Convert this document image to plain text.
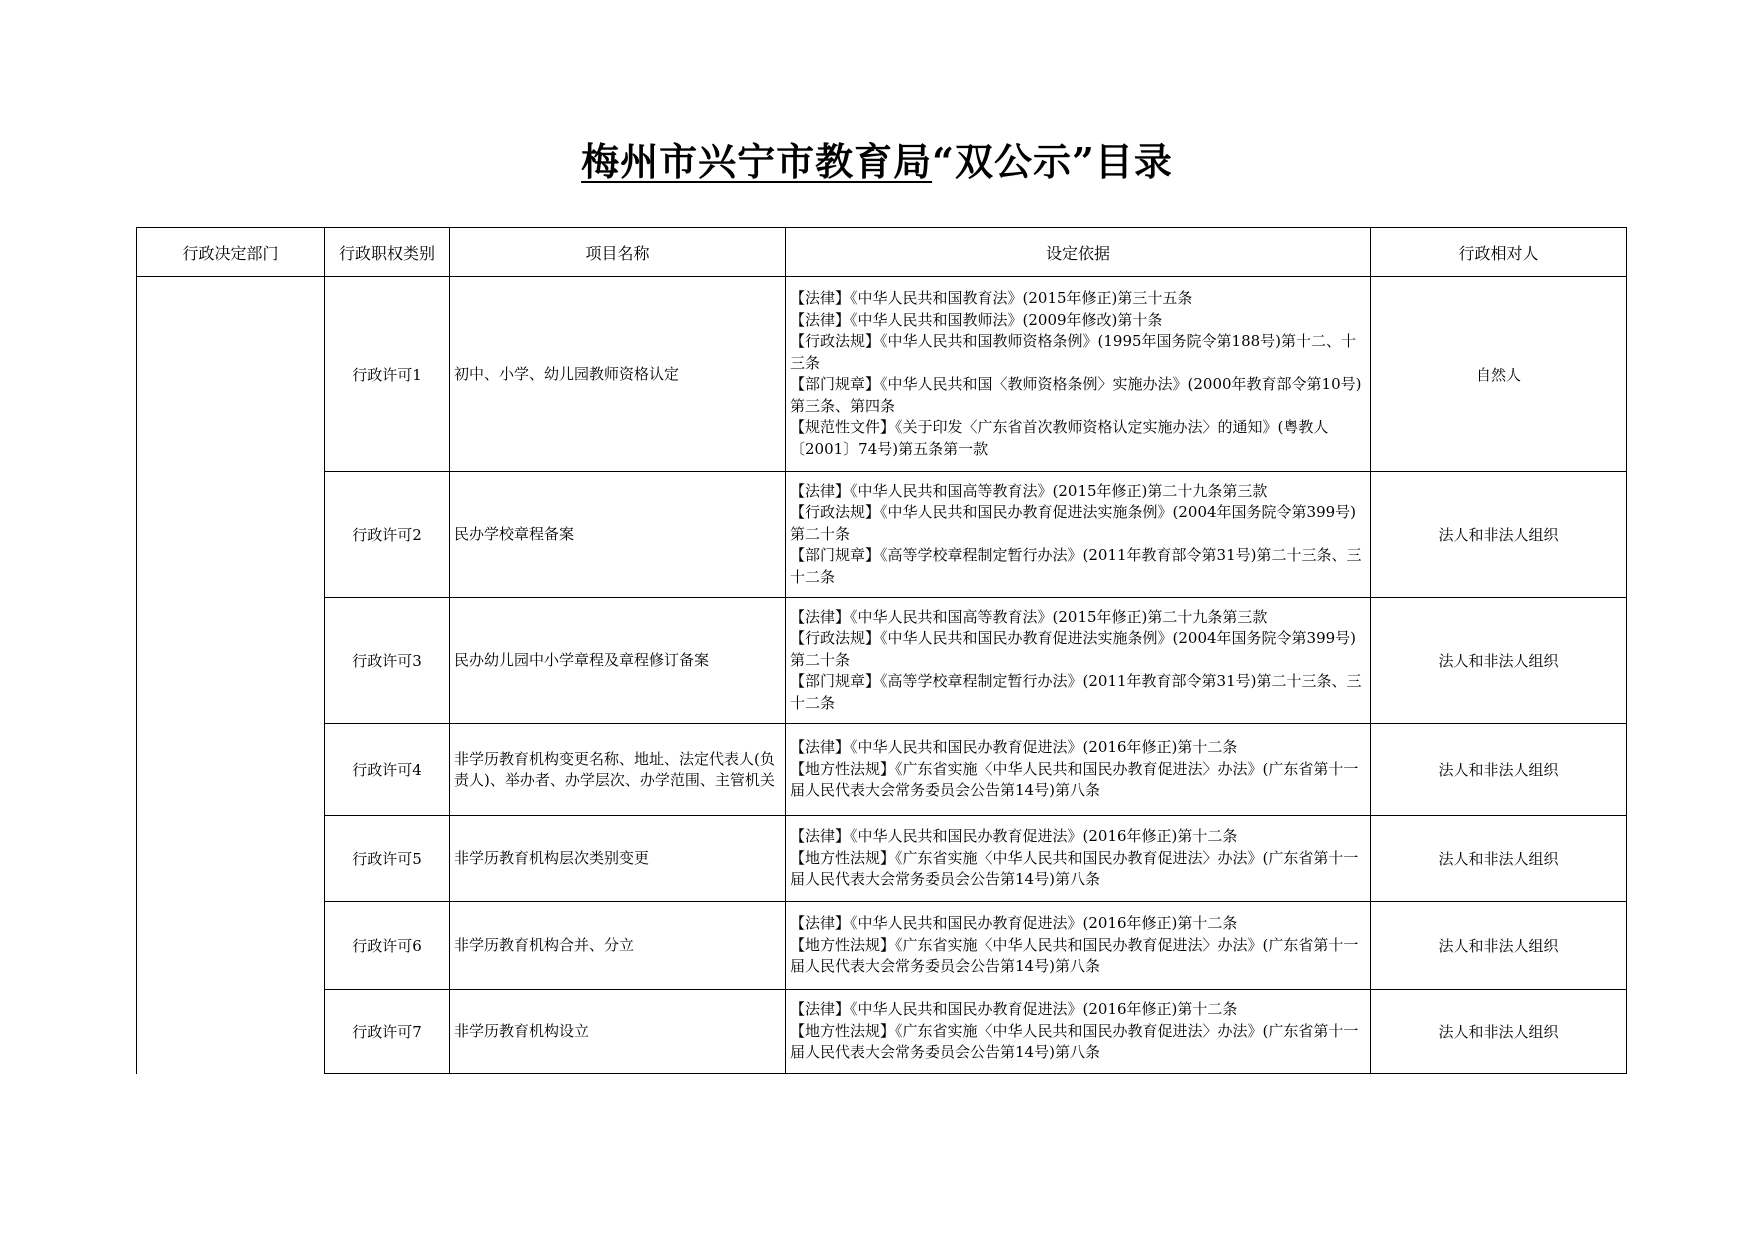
梅州市兴宁市教育局“双公示”目录
行政决定部门	行政职权类别	项目名称	设定依据	行政相对人
	行政许可1	初中、小学、幼儿园教师资格认定	【法律】《中华人民共和国教育法》(2015年修正)第三十五条
【法律】《中华人民共和国教师法》(2009年修改)第十条
【行政法规】《中华人民共和国教师资格条例》(1995年国务院令第188号)第十二、十三条
【部门规章】《中华人民共和国〈教师资格条例〉实施办法》(2000年教育部令第10号)第三条、第四条
【规范性文件】《关于印发〈广东省首次教师资格认定实施办法〉的通知》(粤教人〔2001〕74号)第五条第一款	自然人
	行政许可2	民办学校章程备案	【法律】《中华人民共和国高等教育法》(2015年修正)第二十九条第三款
【行政法规】《中华人民共和国民办教育促进法实施条例》(2004年国务院令第399号)第二十条
【部门规章】《高等学校章程制定暂行办法》(2011年教育部令第31号)第二十三条、三十二条	法人和非法人组织
	行政许可3	民办幼儿园中小学章程及章程修订备案	【法律】《中华人民共和国高等教育法》(2015年修正)第二十九条第三款
【行政法规】《中华人民共和国民办教育促进法实施条例》(2004年国务院令第399号)第二十条
【部门规章】《高等学校章程制定暂行办法》(2011年教育部令第31号)第二十三条、三十二条	法人和非法人组织
	行政许可4	非学历教育机构变更名称、地址、法定代表人(负责人)、举办者、办学层次、办学范围、主管机关	【法律】《中华人民共和国民办教育促进法》(2016年修正)第十二条
【地方性法规】《广东省实施〈中华人民共和国民办教育促进法〉办法》(广东省第十一届人民代表大会常务委员会公告第14号)第八条	法人和非法人组织
	行政许可5	非学历教育机构层次类别变更	【法律】《中华人民共和国民办教育促进法》(2016年修正)第十二条
【地方性法规】《广东省实施〈中华人民共和国民办教育促进法〉办法》(广东省第十一届人民代表大会常务委员会公告第14号)第八条	法人和非法人组织
	行政许可6	非学历教育机构合并、分立	【法律】《中华人民共和国民办教育促进法》(2016年修正)第十二条
【地方性法规】《广东省实施〈中华人民共和国民办教育促进法〉办法》(广东省第十一届人民代表大会常务委员会公告第14号)第八条	法人和非法人组织
	行政许可7	非学历教育机构设立	【法律】《中华人民共和国民办教育促进法》(2016年修正)第十二条
【地方性法规】《广东省实施〈中华人民共和国民办教育促进法〉办法》(广东省第十一届人民代表大会常务委员会公告第14号)第八条	法人和非法人组织
